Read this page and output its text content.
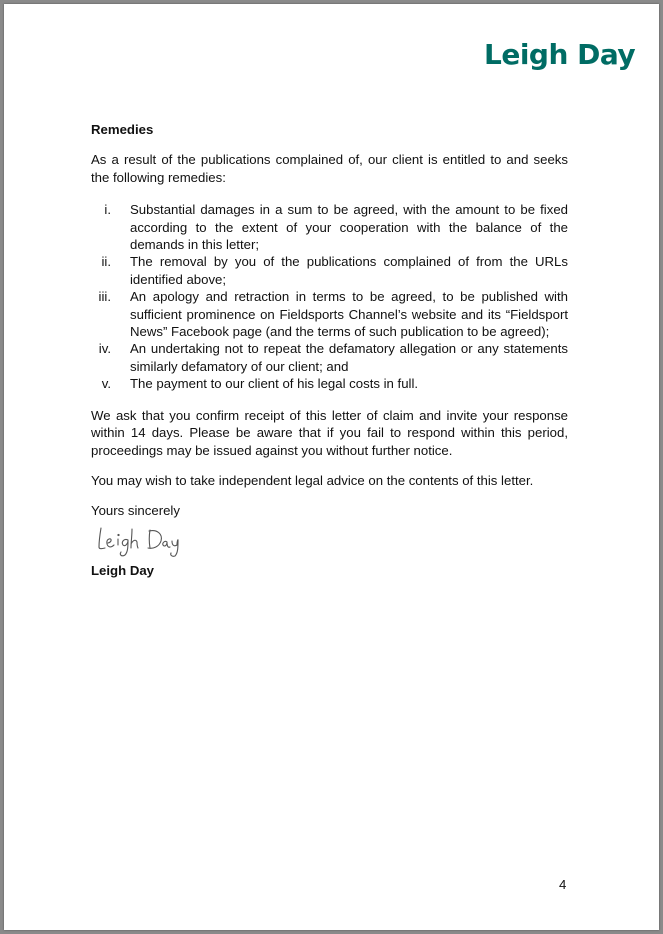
Leigh Day
Remedies

As a result of the publications complained of, our client is entitled to and seeks the following remedies:

i. Substantial damages in a sum to be agreed, with the amount to be fixed according to the extent of your cooperation with the balance of the demands in this letter;
ii. The removal by you of the publications complained of from the URLs identified above;
iii. An apology and retraction in terms to be agreed, to be published with sufficient prominence on Fieldsports Channel’s website and its “Fieldsport News” Facebook page (and the terms of such publication to be agreed);
iv. An undertaking not to repeat the defamatory allegation or any statements similarly defamatory of our client; and
v. The payment to our client of his legal costs in full.

We ask that you confirm receipt of this letter of claim and invite your response within 14 days. Please be aware that if you fail to respond within this period, proceedings may be issued against you without further notice.

You may wish to take independent legal advice on the contents of this letter.

Yours sincerely

Leigh Day
4
